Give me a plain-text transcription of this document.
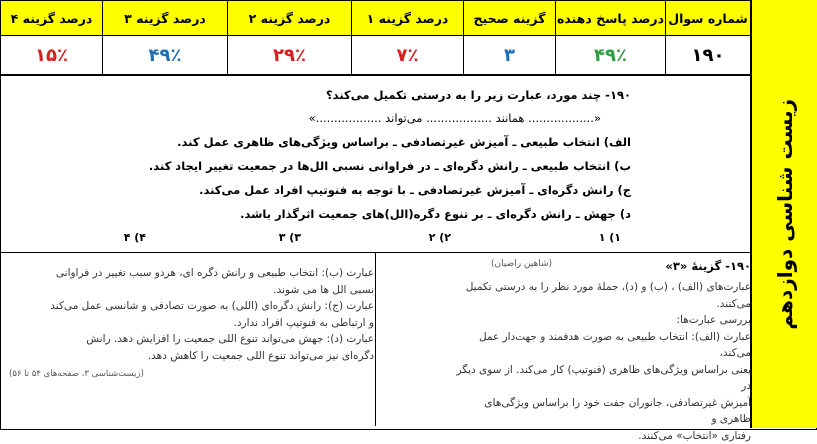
زیست شناسی دوازدهم
شماره سوال	درصد پاسخ دهنده	گزینه صحیح	درصد گزینه ۱	درصد گزینه ۲	درصد گزینه ۳	درصد گزینه ۴
۱۹۰	۴۹٪	۳	۷٪	۲۹٪	۴۹٪	۱۵٪
۱۹۰- چند مورد، عبارت زیر را به درستی تکمیل می‌کند؟
«.................. همانند .................. می‌تواند ..................»
الف) انتخاب طبیعی ـ آمیزش غیرتصادفی ـ براساس ویژگی‌های ظاهری عمل کند.
ب) انتخاب طبیعی ـ رانش دگره‌ای ـ در فراوانی نسبی الل‌ها در جمعیت تغییر ایجاد کند.
ج) رانش دگره‌ای ـ آمیزش غیرتصادفی ـ با توجه به فنوتیپ افراد عمل می‌کند.
د) جهش ـ رانش دگره‌ای ـ بر تنوع دگره‌(الل)های جمعیت اثرگذار باشد.
۱) ۱
۲) ۲
۳) ۳
۴) ۴
۱۹۰- گزینهٔ «۳»
(شاهین راضیان)

عبارت‌های (الف) ، (ب) و (د)، جملهٔ مورد نظر را به درستی تکمیل

می‌کنند.

بررسی عبارت‌ها:

عبارت (الف): انتخاب طبیعی به صورت هدفمند و جهت‌دار عمل می‌کند،

یعنی براساس ویژگی‌های ظاهری (فنوتیپ) کار می‌کند. از سوی دیگر در

آمیزش غیرتصادفی، جانوران جفت خود را براساس ویژگی‌های ظاهری و

رفتاری «انتخاب» می‌کنند.

عبارت (ب): انتخاب طبیعی و رانش دگره ای، هردو سبب تغییر در فراوانی

نسبی الل ها می شوند.

عبارت (ج): رانش دگره‌ای (اللی) به صورت تصادفی و شانسی عمل می‌کند

و ارتباطی به فنوتیپ افراد ندارد.

عبارت (د): جهش می‌تواند تنوع اللی جمعیت را افزایش دهد. رانش

دگره‌ای نیز می‌تواند تنوع اللی جمعیت را کاهش دهد.

(زیست‌شناسی ۳، صفحه‌های ۵۴ تا ۵۶)
